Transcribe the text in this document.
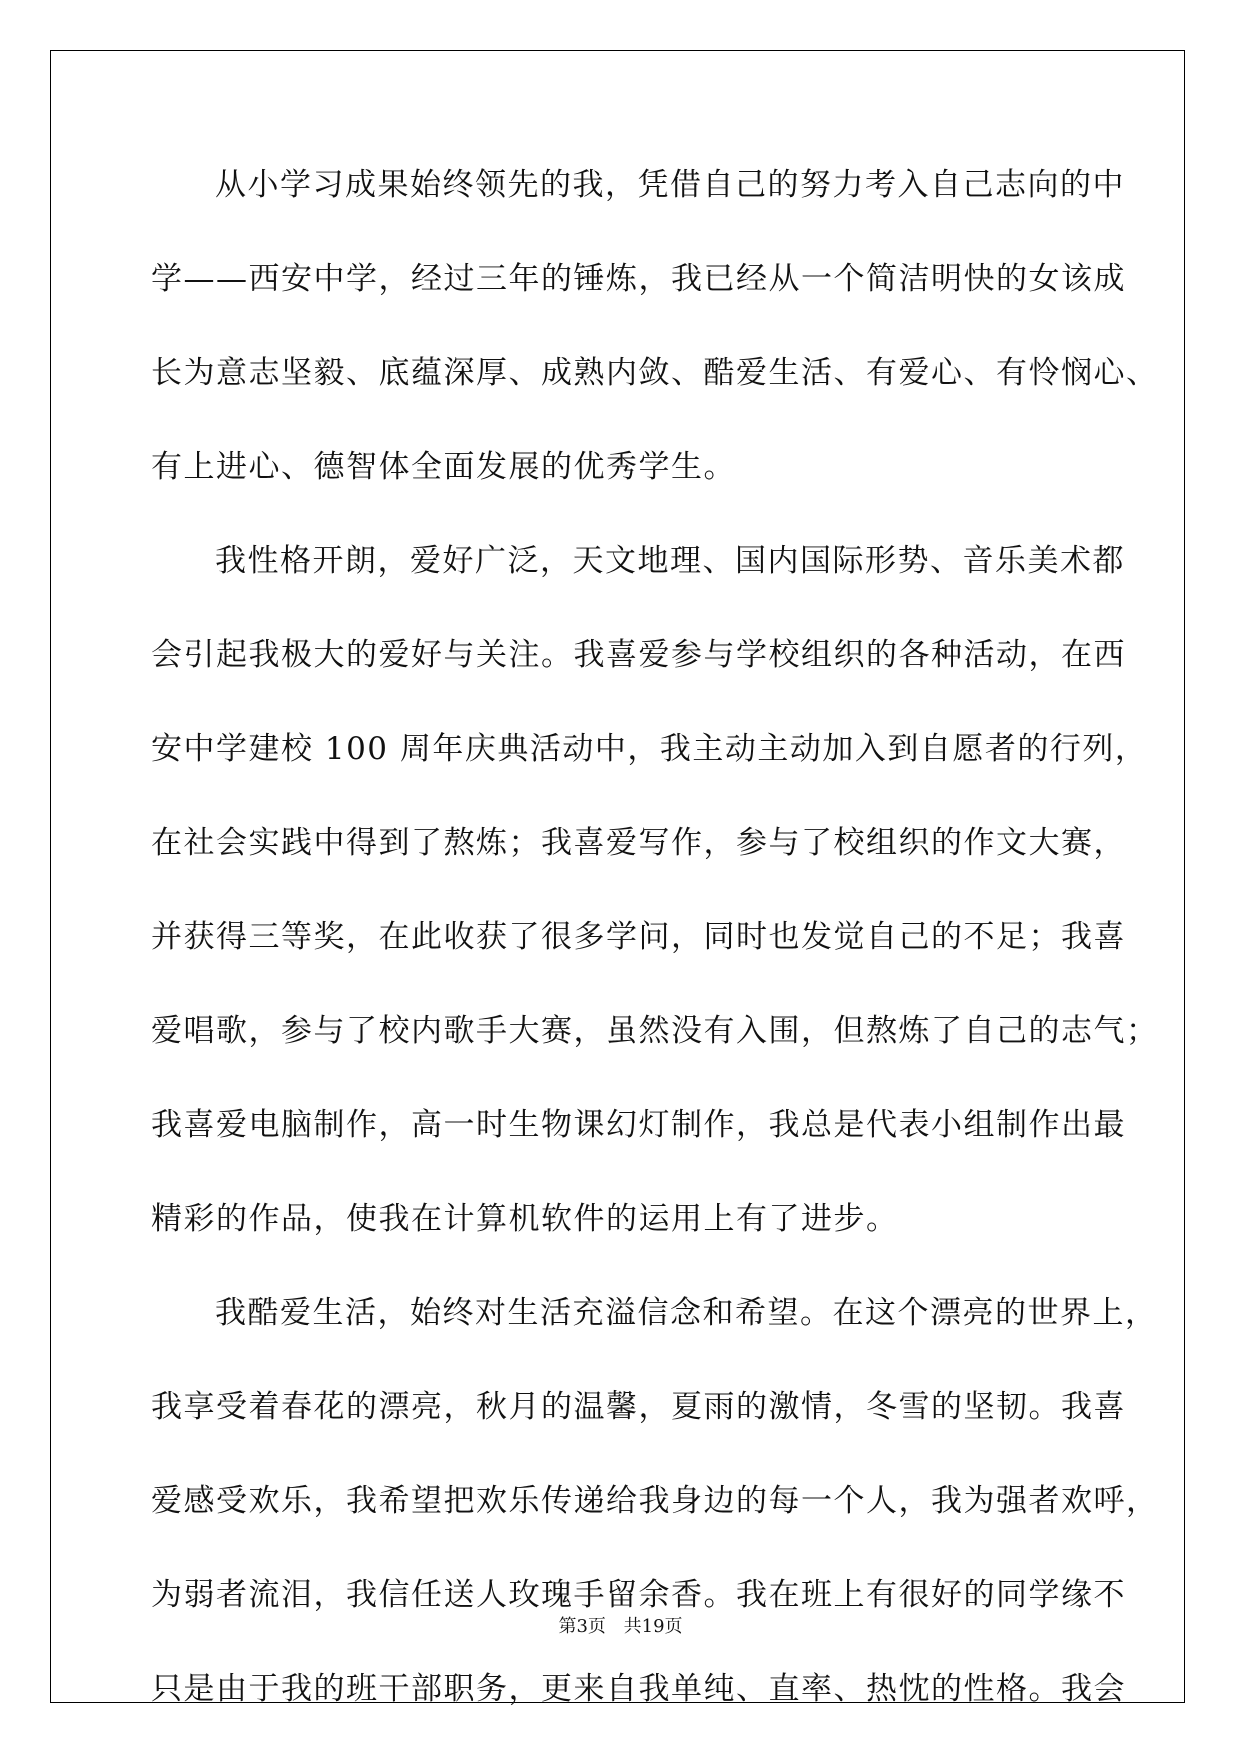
从小学习成果始终领先的我，凭借自己的努力考入自己志向的中
学——西安中学，经过三年的锤炼，我已经从一个简洁明快的女该成
长为意志坚毅、底蕴深厚、成熟内敛、酷爱生活、有爱心、有怜悯心、
有上进心、德智体全面发展的优秀学生。
我性格开朗，爱好广泛，天文地理、国内国际形势、音乐美术都
会引起我极大的爱好与关注。我喜爱参与学校组织的各种活动，在西
安中学建校 100 周年庆典活动中，我主动主动加入到自愿者的行列，
在社会实践中得到了熬炼；我喜爱写作，参与了校组织的作文大赛，
并获得三等奖，在此收获了很多学问，同时也发觉自己的不足；我喜
爱唱歌，参与了校内歌手大赛，虽然没有入围，但熬炼了自己的志气；
我喜爱电脑制作，高一时生物课幻灯制作，我总是代表小组制作出最
精彩的作品，使我在计算机软件的运用上有了进步。
我酷爱生活，始终对生活充溢信念和希望。在这个漂亮的世界上，
我享受着春花的漂亮，秋月的温馨，夏雨的激情，冬雪的坚韧。我喜
爱感受欢乐，我希望把欢乐传递给我身边的每一个人，我为强者欢呼，
为弱者流泪，我信任送人玫瑰手留余香。我在班上有很好的同学缘不
只是由于我的班干部职务，更来自我单纯、直率、热忱的性格。我会
第3页 共19页
